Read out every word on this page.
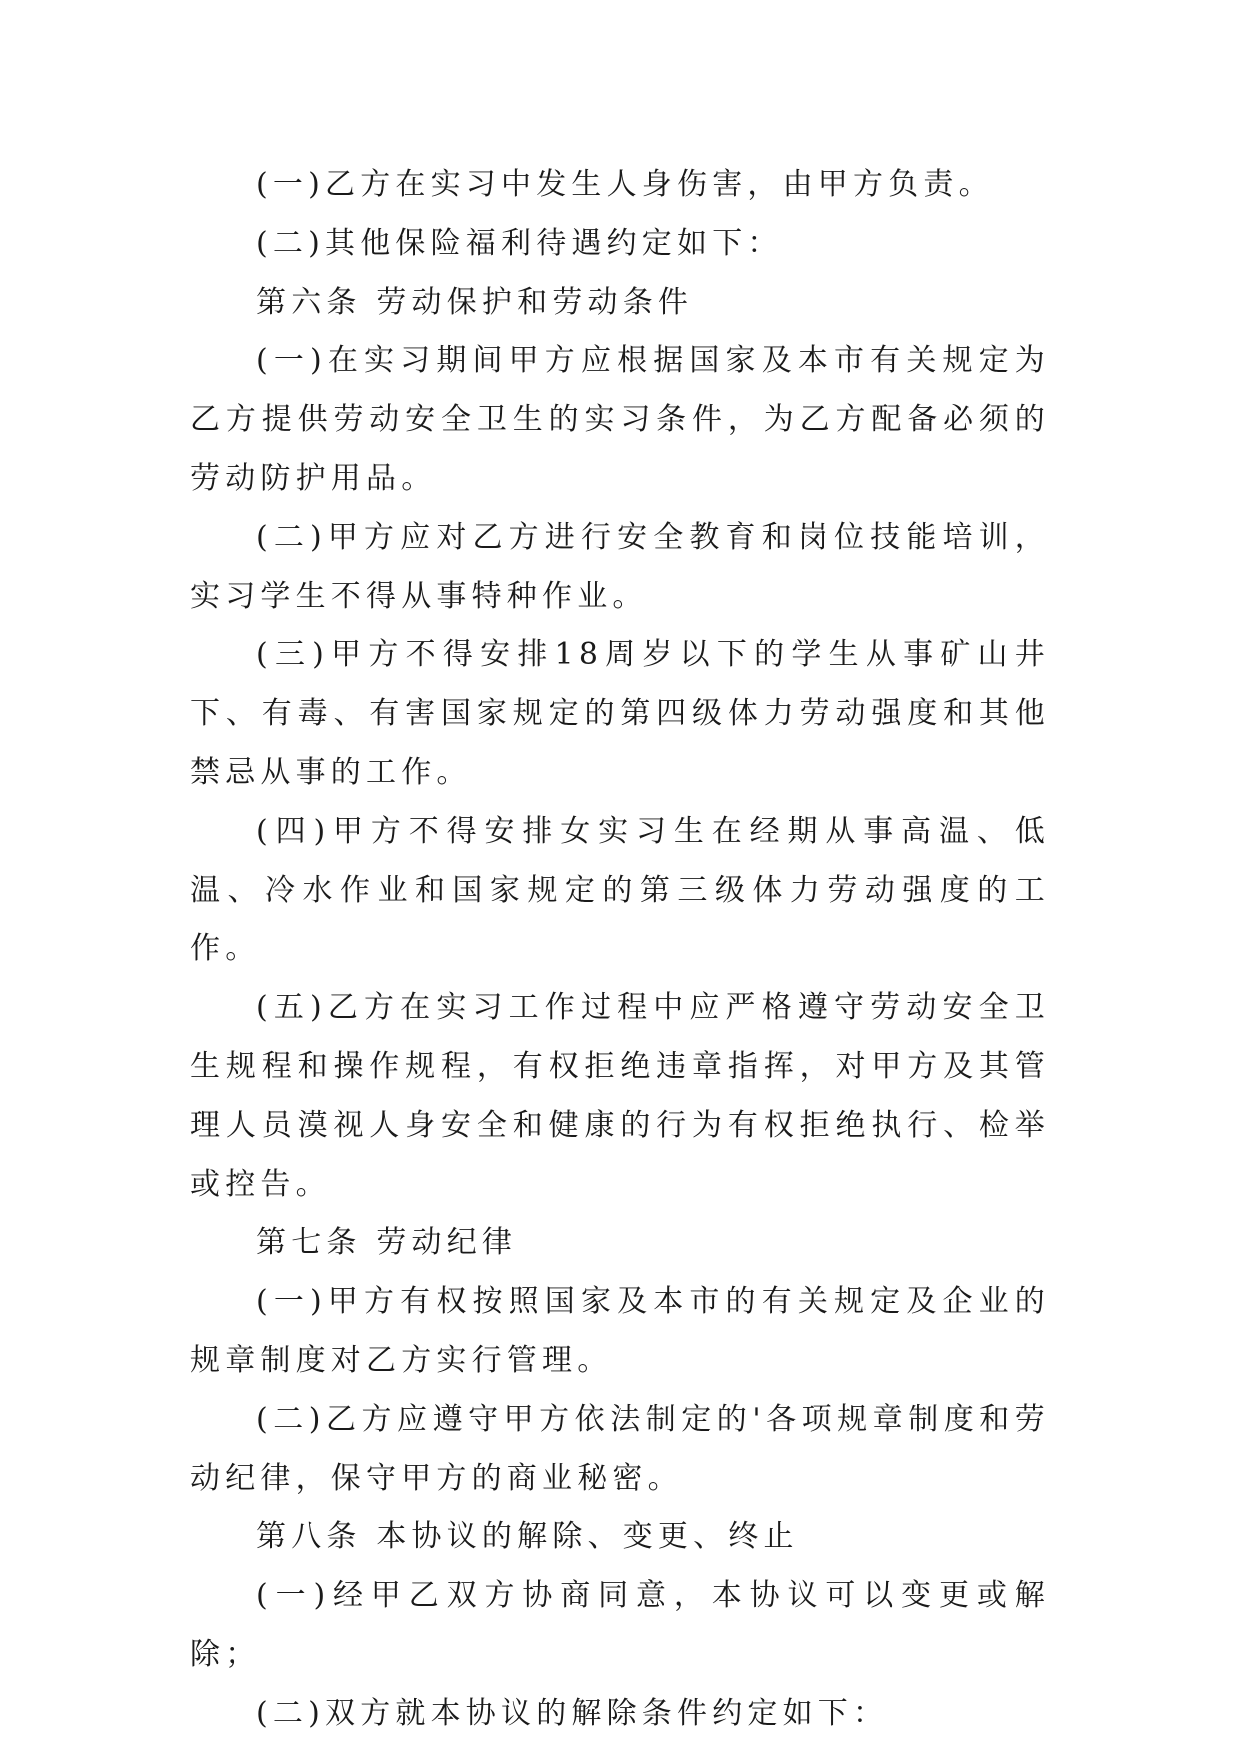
(一)乙方在实习中发生人身伤害，由甲方负责。

(二)其他保险福利待遇约定如下：

第六条 劳动保护和劳动条件

(一)在实习期间甲方应根据国家及本市有关规定为乙方提供劳动安全卫生的实习条件，为乙方配备必须的劳动防护用品。

(二)甲方应对乙方进行安全教育和岗位技能培训，实习学生不得从事特种作业。

(三)甲方不得安排18周岁以下的学生从事矿山井下、有毒、有害国家规定的第四级体力劳动强度和其他禁忌从事的工作。

(四)甲方不得安排女实习生在经期从事高温、低温、冷水作业和国家规定的第三级体力劳动强度的工作。

(五)乙方在实习工作过程中应严格遵守劳动安全卫生规程和操作规程，有权拒绝违章指挥，对甲方及其管理人员漠视人身安全和健康的行为有权拒绝执行、检举或控告。

第七条 劳动纪律

(一)甲方有权按照国家及本市的有关规定及企业的规章制度对乙方实行管理。

(二)乙方应遵守甲方依法制定的'各项规章制度和劳动纪律，保守甲方的商业秘密。

第八条 本协议的解除、变更、终止

(一)经甲乙双方协商同意，本协议可以变更或解除；

(二)双方就本协议的解除条件约定如下：
